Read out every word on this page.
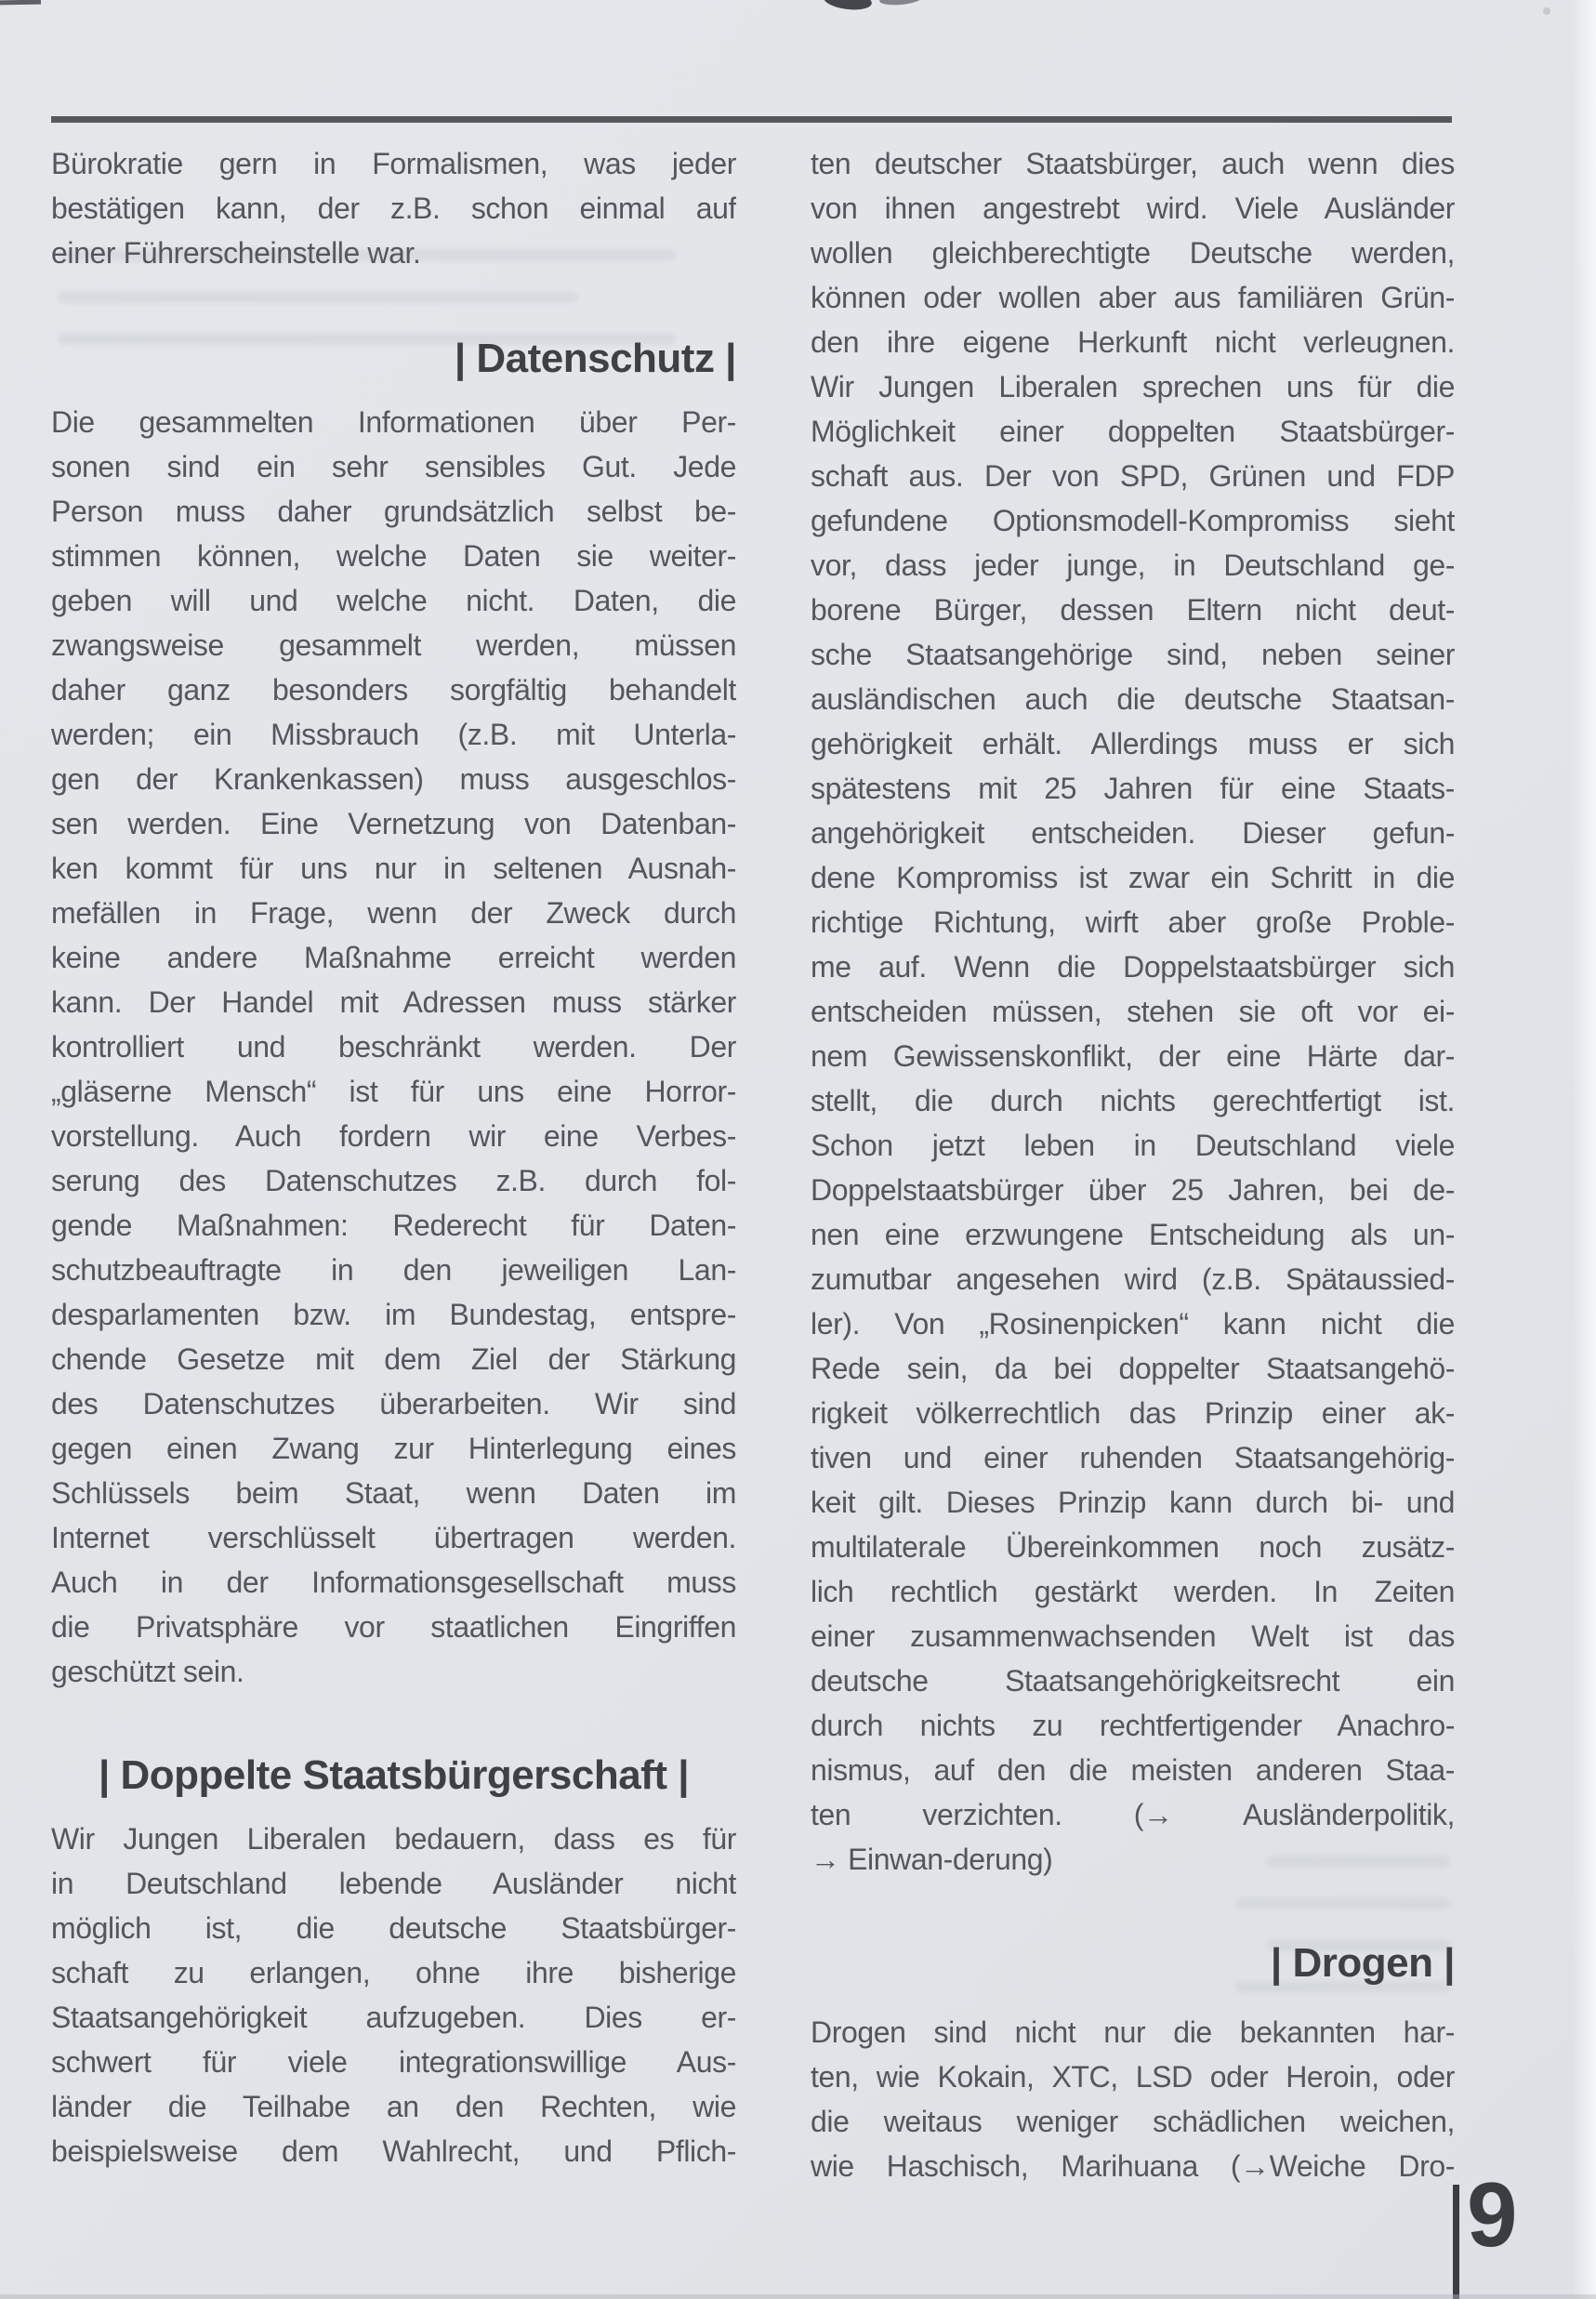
Bürokratie gern in Formalismen, was jeder
bestätigen kann, der z.B. schon einmal auf
einer Führerscheinstelle war.
| Datenschutz |
Die gesammelten Informationen über Per-
sonen sind ein sehr sensibles Gut. Jede
Person muss daher grundsätzlich selbst be-
stimmen können, welche Daten sie weiter-
geben will und welche nicht. Daten, die
zwangsweise gesammelt werden, müssen
daher ganz besonders sorgfältig behandelt
werden; ein Missbrauch (z.B. mit Unterla-
gen der Krankenkassen) muss ausgeschlos-
sen werden. Eine Vernetzung von Datenban-
ken kommt für uns nur in seltenen Ausnah-
mefällen in Frage, wenn der Zweck durch
keine andere Maßnahme erreicht werden
kann. Der Handel mit Adressen muss stärker
kontrolliert und beschränkt werden. Der
„gläserne Mensch“ ist für uns eine Horror-
vorstellung. Auch fordern wir eine Verbes-
serung des Datenschutzes z.B. durch fol-
gende Maßnahmen: Rederecht für Daten-
schutzbeauftragte in den jeweiligen Lan-
desparlamenten bzw. im Bundestag, entspre-
chende Gesetze mit dem Ziel der Stärkung
des Datenschutzes überarbeiten. Wir sind
gegen einen Zwang zur Hinterlegung eines
Schlüssels beim Staat, wenn Daten im
Internet verschlüsselt übertragen werden.
Auch in der Informationsgesellschaft muss
die Privatsphäre vor staatlichen Eingriffen
geschützt sein.
| Doppelte Staatsbürgerschaft |
Wir Jungen Liberalen bedauern, dass es für
in Deutschland lebende Ausländer nicht
möglich ist, die deutsche Staatsbürger-
schaft zu erlangen, ohne ihre bisherige
Staatsangehörigkeit aufzugeben. Dies er-
schwert für viele integrationswillige Aus-
länder die Teilhabe an den Rechten, wie
beispielsweise dem Wahlrecht, und Pflich-
ten deutscher Staatsbürger, auch wenn dies
von ihnen angestrebt wird. Viele Ausländer
wollen gleichberechtigte Deutsche werden,
können oder wollen aber aus familiären Grün-
den ihre eigene Herkunft nicht verleugnen.
Wir Jungen Liberalen sprechen uns für die
Möglichkeit einer doppelten Staatsbürger-
schaft aus. Der von SPD, Grünen und FDP
gefundene Optionsmodell-Kompromiss sieht
vor, dass jeder junge, in Deutschland ge-
borene Bürger, dessen Eltern nicht deut-
sche Staatsangehörige sind, neben seiner
ausländischen auch die deutsche Staatsan-
gehörigkeit erhält. Allerdings muss er sich
spätestens mit 25 Jahren für eine Staats-
angehörigkeit entscheiden. Dieser gefun-
dene Kompromiss ist zwar ein Schritt in die
richtige Richtung, wirft aber große Proble-
me auf. Wenn die Doppelstaatsbürger sich
entscheiden müssen, stehen sie oft vor ei-
nem Gewissenskonflikt, der eine Härte dar-
stellt, die durch nichts gerechtfertigt ist.
Schon jetzt leben in Deutschland viele
Doppelstaatsbürger über 25 Jahren, bei de-
nen eine erzwungene Entscheidung als un-
zumutbar angesehen wird (z.B. Spätaussied-
ler). Von „Rosinenpicken“ kann nicht die
Rede sein, da bei doppelter Staatsangehö-
rigkeit völkerrechtlich das Prinzip einer ak-
tiven und einer ruhenden Staatsangehörig-
keit gilt. Dieses Prinzip kann durch bi- und
multilaterale Übereinkommen noch zusätz-
lich rechtlich gestärkt werden. In Zeiten
einer zusammenwachsenden Welt ist das
deutsche Staatsangehörigkeitsrecht ein
durch nichts zu rechtfertigender Anachro-
nismus, auf den die meisten anderen Staa-
ten verzichten. (→ Ausländerpolitik,
→ Einwan-derung)
| Drogen |
Drogen sind nicht nur die bekannten har-
ten, wie Kokain, XTC, LSD oder Heroin, oder
die weitaus weniger schädlichen weichen,
wie Haschisch, Marihuana (→Weiche Dro- 9
